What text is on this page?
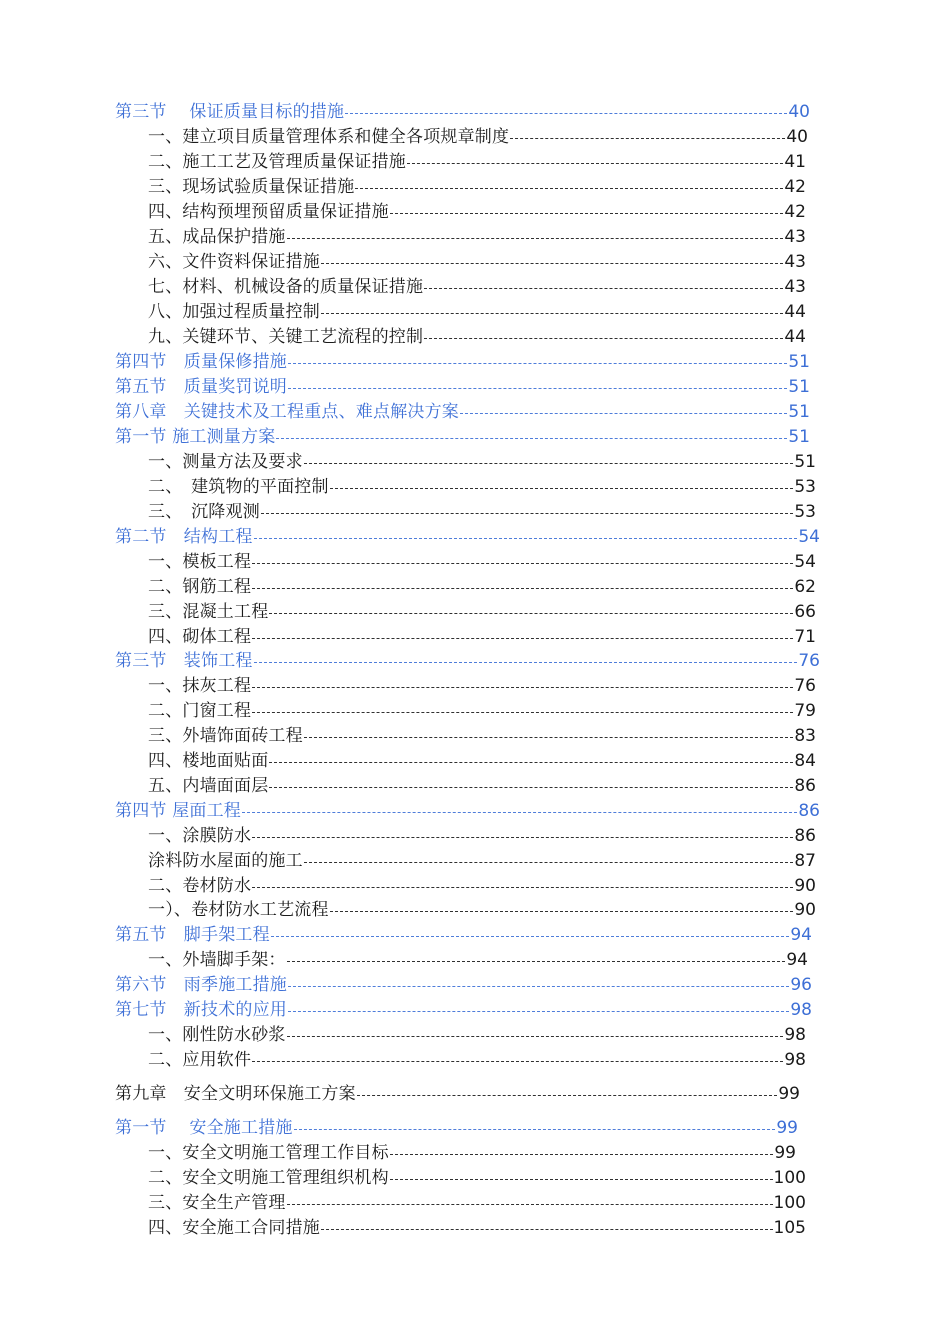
第三节　 保证质量目标的措施	40
一、建立项目质量管理体系和健全各项规章制度	40
二、施工工艺及管理质量保证措施	41
三、现场试验质量保证措施	42
四、结构预埋预留质量保证措施	42
五、成品保护措施	43
六、文件资料保证措施	43
七、材料、机械设备的质量保证措施	43
八、加强过程质量控制	44
九、关键环节、关键工艺流程的控制	44
第四节　质量保修措施	51
第五节　质量奖罚说明	51
第八章　关键技术及工程重点、难点解决方案	51
第一节 施工测量方案	51
一、测量方法及要求	51
二、　建筑物的平面控制	53
三、　沉降观测	53
第二节　结构工程	54
一、模板工程	54
二、钢筋工程	62
三、混凝土工程	66
四、砌体工程	71
第三节　装饰工程	76
一、抹灰工程	76
二、门窗工程	79
三、外墙饰面砖工程	83
四、楼地面贴面	84
五、内墙面面层	86
第四节 屋面工程	86
一、涂膜防水	86
涂料防水屋面的施工	87
二、卷材防水	90
一）、卷材防水工艺流程	90
第五节　脚手架工程	94
一、外墙脚手架：	94
第六节　雨季施工措施	96
第七节　新技术的应用	98
一、刚性防水砂浆	98
二、应用软件	98
第九章　安全文明环保施工方案	99
第一节　 安全施工措施	99
一、安全文明施工管理工作目标	99
二、安全文明施工管理组织机构	100
三、安全生产管理	100
四、安全施工合同措施	105
